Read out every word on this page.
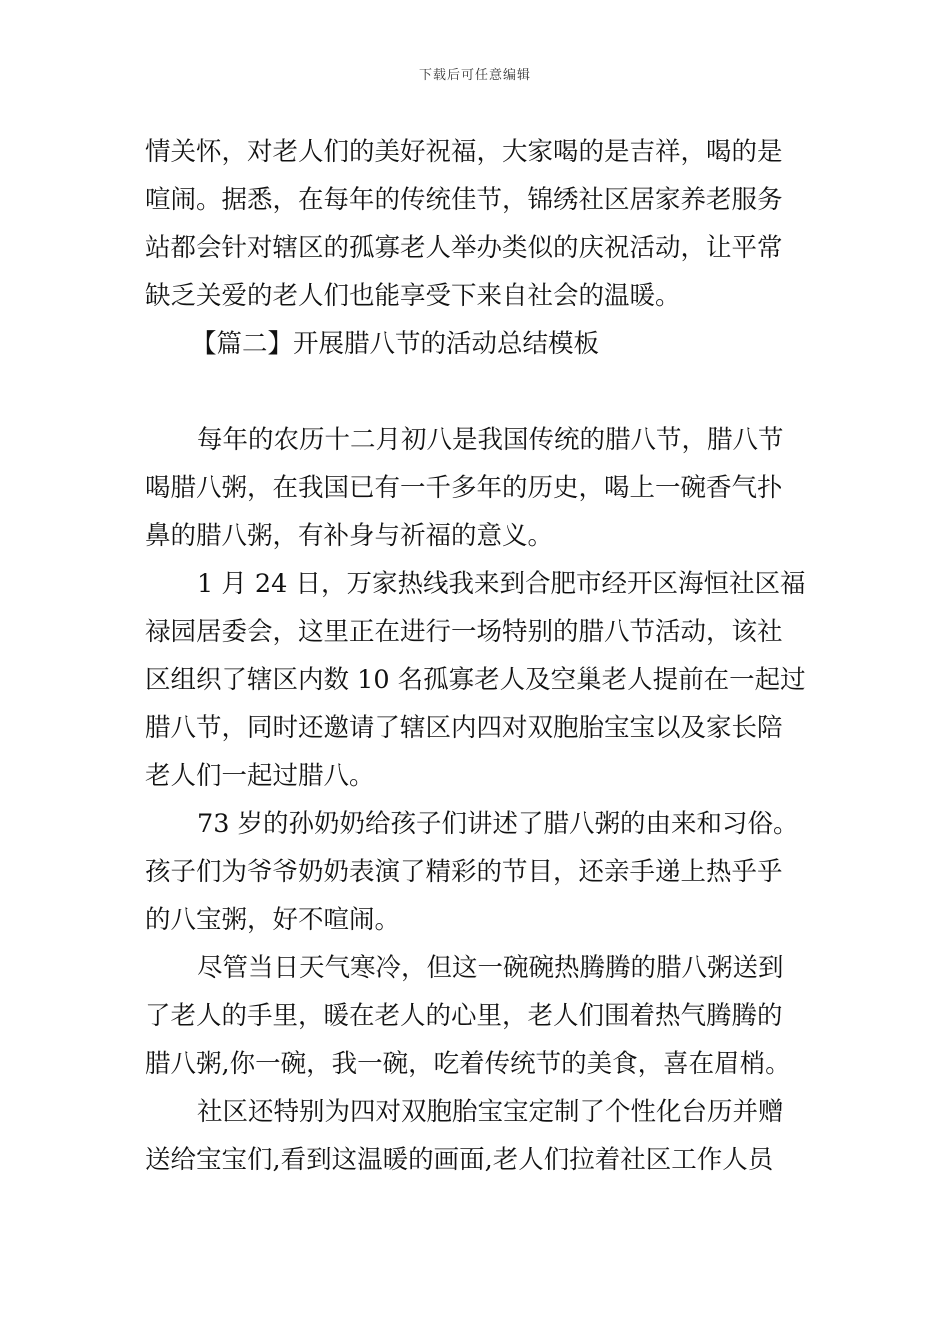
下载后可任意编辑
情关怀，对老人们的美好祝福，大家喝的是吉祥，喝的是
喧闹。据悉，在每年的传统佳节，锦绣社区居家养老服务
站都会针对辖区的孤寡老人举办类似的庆祝活动，让平常
缺乏关爱的老人们也能享受下来自社会的温暖。
【篇二】开展腊八节的活动总结模板
每年的农历十二月初八是我国传统的腊八节，腊八节
喝腊八粥，在我国已有一千多年的历史，喝上一碗香气扑
鼻的腊八粥，有补身与祈福的意义。
1 月 24 日，万家热线我来到合肥市经开区海恒社区福
禄园居委会，这里正在进行一场特别的腊八节活动，该社
区组织了辖区内数 10 名孤寡老人及空巢老人提前在一起过
腊八节，同时还邀请了辖区内四对双胞胎宝宝以及家长陪
老人们一起过腊八。
73 岁的孙奶奶给孩子们讲述了腊八粥的由来和习俗。
孩子们为爷爷奶奶表演了精彩的节目，还亲手递上热乎乎
的八宝粥，好不喧闹。
尽管当日天气寒冷，但这一碗碗热腾腾的腊八粥送到
了老人的手里，暖在老人的心里，老人们围着热气腾腾的
腊八粥,你一碗，我一碗，吃着传统节的美食，喜在眉梢。
社区还特别为四对双胞胎宝宝定制了个性化台历并赠
送给宝宝们,看到这温暖的画面,老人们拉着社区工作人员
